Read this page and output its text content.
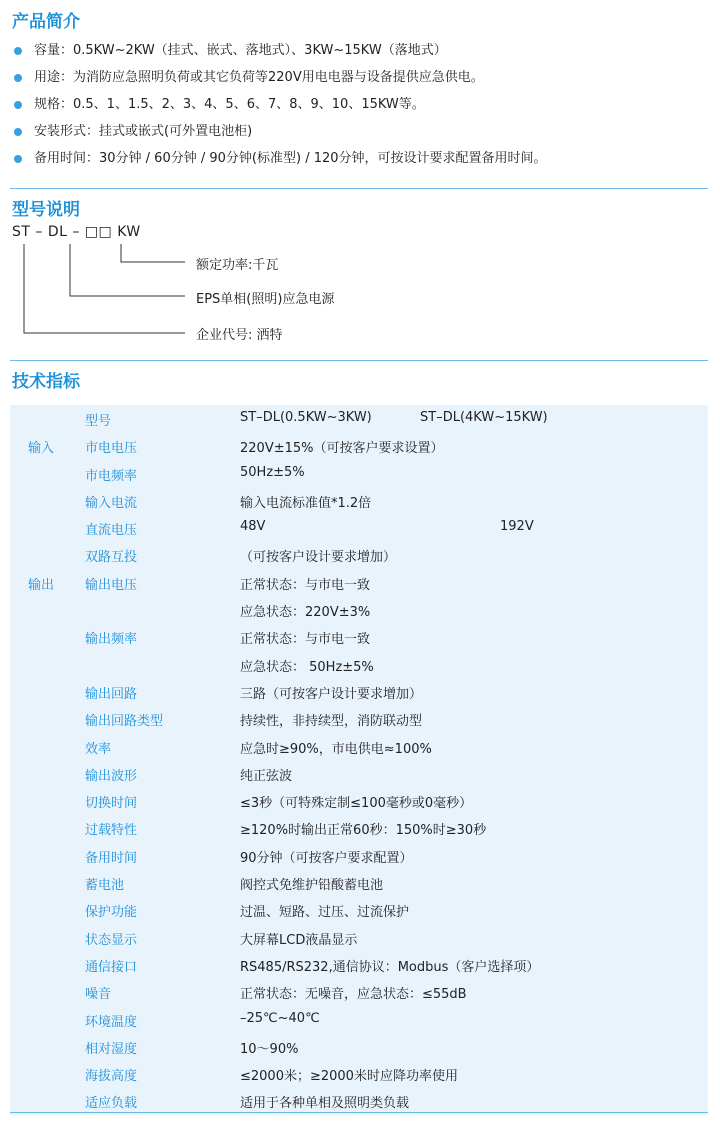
产品简介
容量：0.5KW~2KW（挂式、嵌式、落地式）、3KW~15KW（落地式）
用途：为消防应急照明负荷或其它负荷等220V用电电器与设备提供应急供电。
规格：0.5、1、1.5、2、3、4、5、6、7、8、9、10、15KW等。
安装形式：挂式或嵌式(可外置电池柜)
备用时间：30分钟 / 60分钟 / 90分钟(标准型) / 120分钟，可按设计要求配置备用时间。
型号说明
ST – DL – □□ KW
额定功率:千瓦
EPS单相(照明)应急电源
企业代号: 洒特
技术指标
型号	ST–DL(0.5KW~3KW)	ST–DL(4KW~15KW)
输入 市电电压	220V±15%（可按客户要求设置）
市电频率	50Hz±5%
输入电流	输入电流标准值*1.2倍
直流电压	48V	192V
双路互投	（可按客户设计要求增加）
输出 输出电压	正常状态：与市电一致
应急状态：220V±3%
输出频率	正常状态：与市电一致
应急状态： 50Hz±5%
输出回路	三路（可按客户设计要求增加）
输出回路类型	持续性，非持续型，消防联动型
效率	应急时≥90%，市电供电≈100%
输出波形	纯正弦波
切换时间	≤3秒（可特殊定制≤100毫秒或0毫秒）
过载特性	≥120%时输出正常60秒：150%时≥30秒
备用时间	90分钟（可按客户要求配置）
蓄电池	阀控式免维护铅酸蓄电池
保护功能	过温、短路、过压、过流保护
状态显示	大屏幕LCD液晶显示
通信接口	RS485/RS232,通信协议：Modbus（客户选择项）
噪音	正常状态：无噪音，应急状态：≤55dB
环境温度	–25℃~40℃
相对湿度	10～90%
海拔高度	≤2000米；≥2000米时应降功率使用
适应负载	适用于各种单相及照明类负载
